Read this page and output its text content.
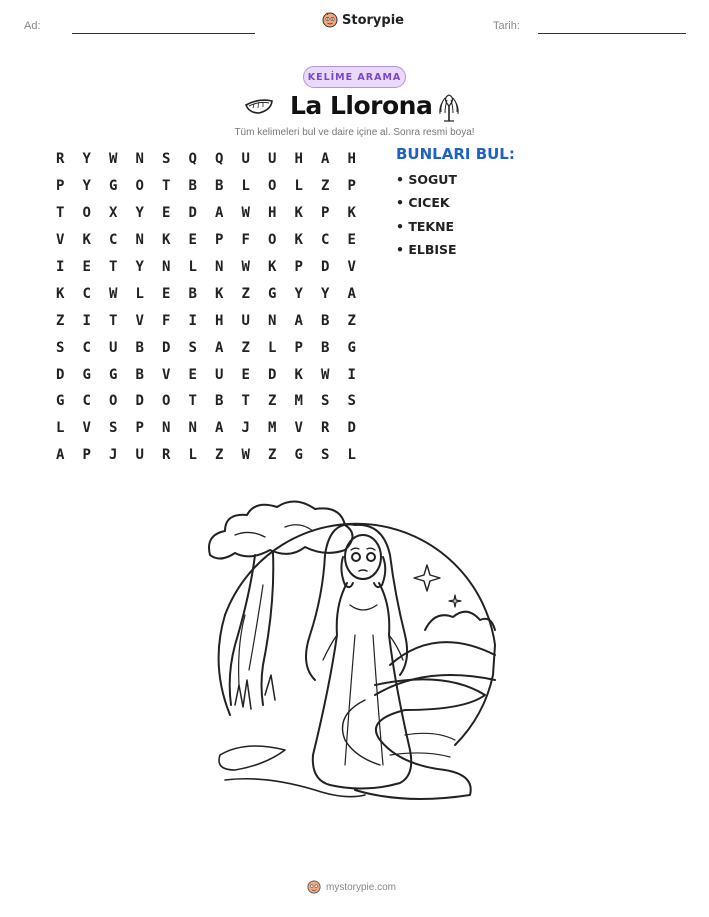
Ad:	Storypie	Tarih:
KELİME ARAMA
La Llorona
Tüm kelimeleri bul ve daire içine al. Sonra resmi boya!
R	Y	W	N	S	Q	Q	U	U	H	A	H
P	Y	G	O	T	B	B	L	O	L	Z	P
T	O	X	Y	E	D	A	W	H	K	P	K
V	K	C	N	K	E	P	F	O	K	C	E
I	E	T	Y	N	L	N	W	K	P	D	V
K	C	W	L	E	B	K	Z	G	Y	Y	A
Z	I	T	V	F	I	H	U	N	A	B	Z
S	C	U	B	D	S	A	Z	L	P	B	G
D	G	G	B	V	E	U	E	D	K	W	I
G	C	O	D	O	T	B	T	Z	M	S	S
L	V	S	P	N	N	A	J	M	V	R	D
A	P	J	U	R	L	Z	W	Z	G	S	L
BUNLARI BUL:
• SOGUT
• CICEK
• TEKNE
• ELBISE
mystorypie.com
